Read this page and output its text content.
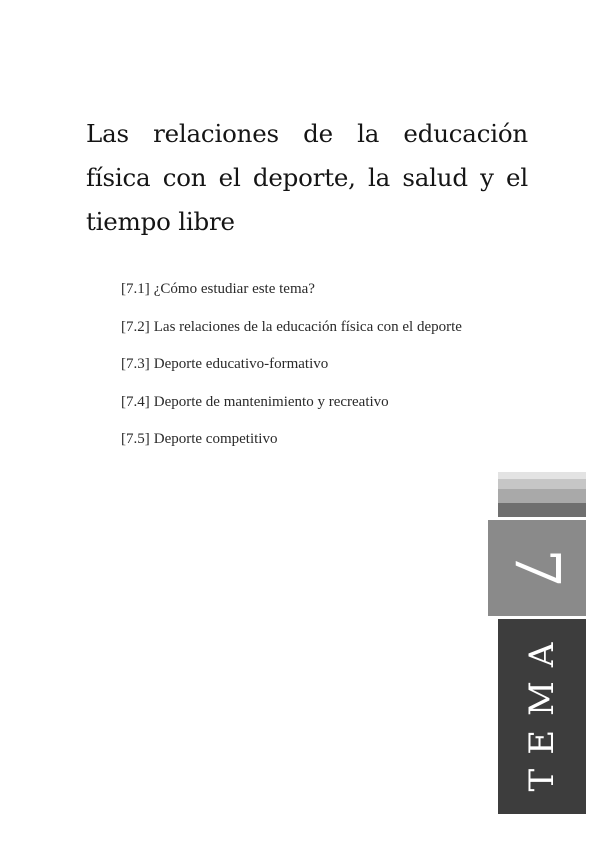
Las relaciones de la educación física con el deporte, la salud y el tiempo libre
[7.1] ¿Cómo estudiar este tema?
[7.2] Las relaciones de la educación física con el deporte
[7.3] Deporte educativo-formativo
[7.4] Deporte de mantenimiento y recreativo
[7.5] Deporte competitivo
7
TEMA
